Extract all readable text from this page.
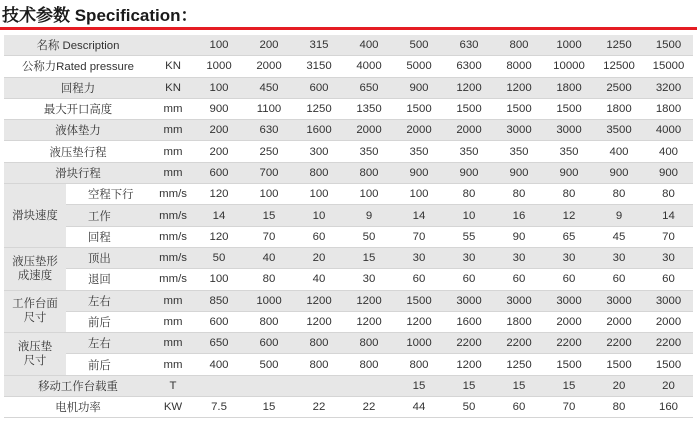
技术参数 Specification：
名称 Description			100	200	315	400	500	630	800	1000	1250	1500
公称力Rated pressure		KN	1000	2000	3150	4000	5000	6300	8000	10000	12500	15000
回程力		KN	100	450	600	650	900	1200	1200	1800	2500	3200
最大开口高度		mm	900	1100	1250	1350	1500	1500	1500	1500	1800	1800
液体垫力		mm	200	630	1600	2000	2000	2000	3000	3000	3500	4000
液压垫行程		mm	200	250	300	350	350	350	350	350	400	400
滑块行程		mm	600	700	800	800	900	900	900	900	900	900
滑块速度	空程下行	mm/s	120	100	100	100	100	80	80	80	80	80
	工作	mm/s	14	15	10	9	14	10	16	12	9	14
	回程	mm/s	120	70	60	50	70	55	90	65	45	70

液压垫形
成速度	顶出	mm/s	50	40	20	15	30	30	30	30	30	30
	退回	mm/s	100	80	40	30	60	60	60	60	60	60

工作台面
尺寸	左右	mm	850	1000	1200	1200	1500	3000	3000	3000	3000	3000
	前后	mm	600	800	1200	1200	1200	1600	1800	2000	2000	2000

液压垫
尺寸	左右	mm	650	600	800	800	1000	2200	2200	2200	2200	2200
	前后	mm	400	500	800	800	800	1200	1250	1500	1500	1500
移动工作台载重		T					15	15	15	15	20	20
电机功率		KW	7.5	15	22	22	44	50	60	70	80	160
